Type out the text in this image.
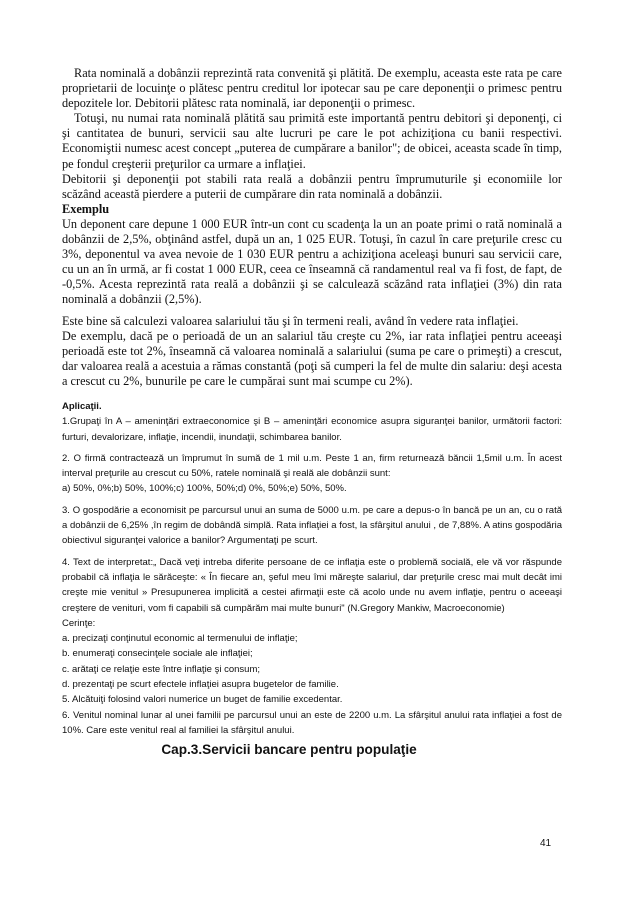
Rata nominală a dobânzii reprezintă rata convenită şi plătită. De exemplu, aceasta este rata pe care proprietarii de locuinţe o plătesc pentru creditul lor ipotecar sau pe care deponenţii o primesc pentru depozitele lor. Debitorii plătesc rata nominală, iar deponenţii o primesc.

Totuşi, nu numai rata nominală plătită sau primită este importantă pentru debitori şi deponenţi, ci şi cantitatea de bunuri, servicii sau alte lucruri pe care le pot achiziţiona cu banii respectivi. Economiştii numesc acest concept „puterea de cumpărare a banilor"; de obicei, aceasta scade în timp, pe fondul creşterii preţurilor ca urmare a inflaţiei.

Debitorii şi deponenţii pot stabili rata reală a dobânzii pentru împrumuturile şi economiile lor scăzând această pierdere a puterii de cumpărare din rata nominală a dobânzii.

Exemplu

Un deponent care depune 1 000 EUR într-un cont cu scadenţa la un an poate primi o rată nominală a dobânzii de 2,5%, obţinând astfel, după un an, 1 025 EUR. Totuşi, în cazul în care preţurile cresc cu 3%, deponentul va avea nevoie de 1 030 EUR pentru a achiziţiona aceleaşi bunuri sau servicii care, cu un an în urmă, ar fi costat 1 000 EUR, ceea ce înseamnă că randamentul real va fi fost, de fapt, de -0,5%. Acesta reprezintă rata reală a dobânzii şi se calculează scăzând rata inflaţiei (3%) din rata nominală a dobânzii (2,5%).

Este bine să calculezi valoarea salariului tău şi în termeni reali, având în vedere rata inflaţiei.

De exemplu, dacă pe o perioadă de un an salariul tău creşte cu 2%, iar rata inflaţiei pentru aceeaşi perioadă este tot 2%, înseamnă că valoarea nominală a salariului (suma pe care o primeşti) a crescut, dar valoarea reală a acestuia a rămas constantă (poţi să cumperi la fel de multe din salariu: deşi acesta a crescut cu 2%, bunurile pe care le cumpărai sunt mai scumpe cu 2%).

Aplicaţii.

1.Grupaţi în A – ameninţări extraeconomice şi B – ameninţări economice asupra siguranţei banilor, următorii factori: furturi, devalorizare, inflaţie, incendii, inundaţii, schimbarea banilor.

2. O firmă contractează un împrumut în sumă de 1 mil u.m. Peste 1 an, firm returnează băncii 1,5mil u.m. În acest interval preţurile au crescut cu 50%, ratele nominală şi reală ale dobânzii sunt:

a) 50%, 0%;b) 50%, 100%;c) 100%, 50%;d) 0%, 50%;e) 50%, 50%.

3. O gospodărie a economisit pe parcursul unui an suma de 5000 u.m. pe care a depus-o în bancă pe un an, cu o rată a dobânzii de 6,25% ,în regim de dobândă simplă. Rata inflaţiei a fost, la sfârşitul anului , de 7,88%. A atins gospodăria obiectivul siguranţei valorice a banilor? Argumentaţi pe scurt.

4. Text de interpretat:„ Dacă veţi intreba diferite persoane de ce inflaţia este o problemă socială, ele vă vor răspunde probabil că inflaţia le sărăceşte: « În fiecare an, şeful meu îmi măreşte salariul, dar preţurile cresc mai mult decât imi creşte mie venitul » Presupunerea implicită a cestei afirmaţii este că acolo unde nu avem inflaţie, pentru o aceeaşi creştere de venituri, vom fi capabili să cumpărăm mai multe bunuri" (N.Gregory Mankiw, Macroeconomie)

Cerinţe:

a. precizaţi conţinutul economic al termenului de inflaţie;

b. enumeraţi consecinţele sociale ale inflaţiei;

c. arătaţi ce relaţie este între inflaţie şi consum;

d. prezentaţi pe scurt efectele inflaţiei asupra bugetelor de familie.

5. Alcătuiţi folosind valori numerice un buget de familie excedentar.

6. Venitul nominal lunar al unei familii pe parcursul unui an este de 2200 u.m. La sfârşitul anului rata inflaţiei a fost de 10%. Care este venitul real al familiei la sfârşitul anului.

Cap.3.Servicii bancare pentru populaţie

41
